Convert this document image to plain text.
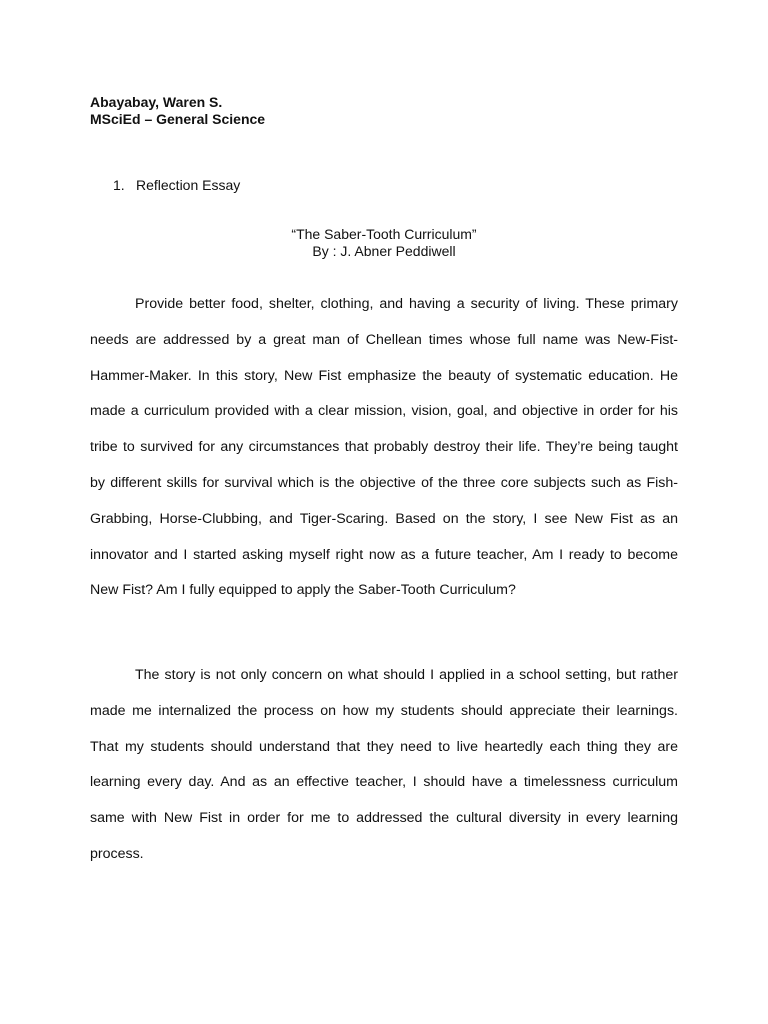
Abayabay, Waren S.
MSciEd – General Science
1. Reflection Essay
“The Saber-Tooth Curriculum”
By : J. Abner Peddiwell

Provide better food, shelter, clothing, and having a security of living. These primary needs are addressed by a great man of Chellean times whose full name was New-Fist-Hammer-Maker. In this story, New Fist emphasize the beauty of systematic education. He made a curriculum provided with a clear mission, vision, goal, and objective in order for his tribe to survived for any circumstances that probably destroy their life. They’re being taught by different skills for survival which is the objective of the three core subjects such as Fish-Grabbing, Horse-Clubbing, and Tiger-Scaring. Based on the story, I see New Fist as an innovator and I started asking myself right now as a future teacher, Am I ready to become New Fist? Am I fully equipped to apply the Saber-Tooth Curriculum?

The story is not only concern on what should I applied in a school setting, but rather made me internalized the process on how my students should appreciate their learnings. That my students should understand that they need to live heartedly each thing they are learning every day. And as an effective teacher, I should have a timelessness curriculum same with New Fist in order for me to addressed the cultural diversity in every learning process.
